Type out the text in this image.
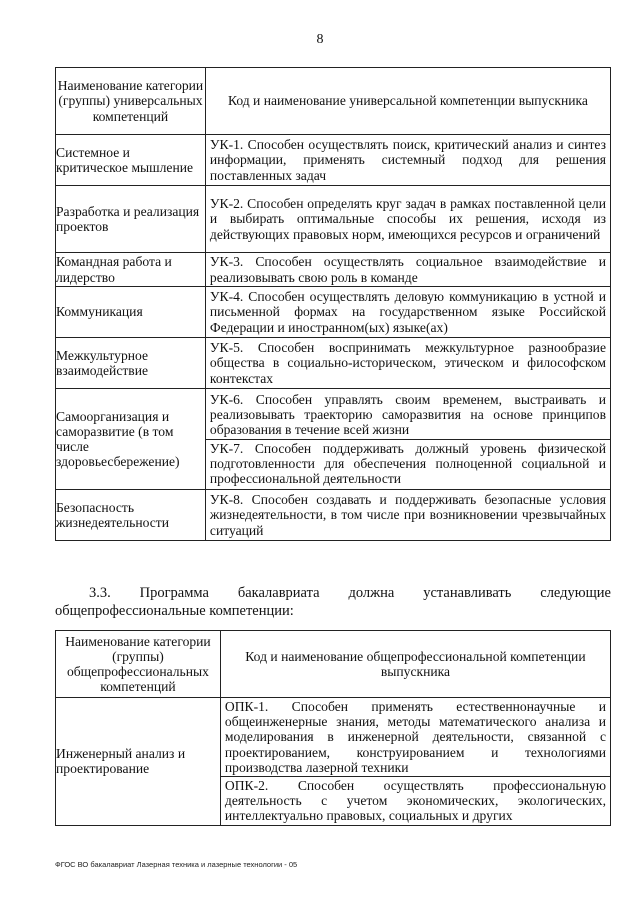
8
Наименование категории (группы) универсальных компетенций	Код и наименование универсальной компетенции выпускника
Системное и критическое мышление	УК-1. Способен осуществлять поиск, критический анализ и синтез информации, применять системный подход для решения поставленных задач

Разработка и реализация проектов	УК-2. Способен определять круг задач в рамках поставленной цели и выбирать оптимальные способы их решения, исходя из действующих правовых норм, имеющихся ресурсов и ограничений

Командная работа и лидерство	УК-3. Способен осуществлять социальное взаимодействие и реализовывать свою роль в команде

Коммуникация	УК-4. Способен осуществлять деловую коммуникацию в устной и письменной формах на государственном языке Российской Федерации и иностранном(ых) языке(ах)

Межкультурное взаимодействие	УК-5. Способен воспринимать межкультурное разнообразие общества в социально-историческом, этическом и философском контекстах

Самоорганизация и саморазвитие (в том числе здоровьесбережение)	УК-6. Способен управлять своим временем, выстраивать и реализовывать траекторию саморазвития на основе принципов образования в течение всей жизни
УК-7. Способен поддерживать должный уровень физической подготовленности для обеспечения полноценной социальной и профессиональной деятельности

Безопасность жизнедеятельности	УК-8. Способен создавать и поддерживать безопасные условия жизнедеятельности, в том числе при возникновении чрезвычайных ситуаций
3.3. Программа бакалавриата должна устанавливать следующие общепрофессиональные компетенции:
Наименование категории (группы) общепрофессиональных компетенций	Код и наименование общепрофессиональной компетенции выпускника
Инженерный анализ и проектирование	ОПК-1. Способен применять естественнонаучные и общеинженерные знания, методы математического анализа и моделирования в инженерной деятельности, связанной с проектированием, конструированием и технологиями производства лазерной техники
ОПК-2. Способен осуществлять профессиональную деятельность с учетом экономических, экологических, интеллектуально правовых, социальных и других
ФГОС ВО бакалавриат Лазерная техника и лазерные технологии - 05
